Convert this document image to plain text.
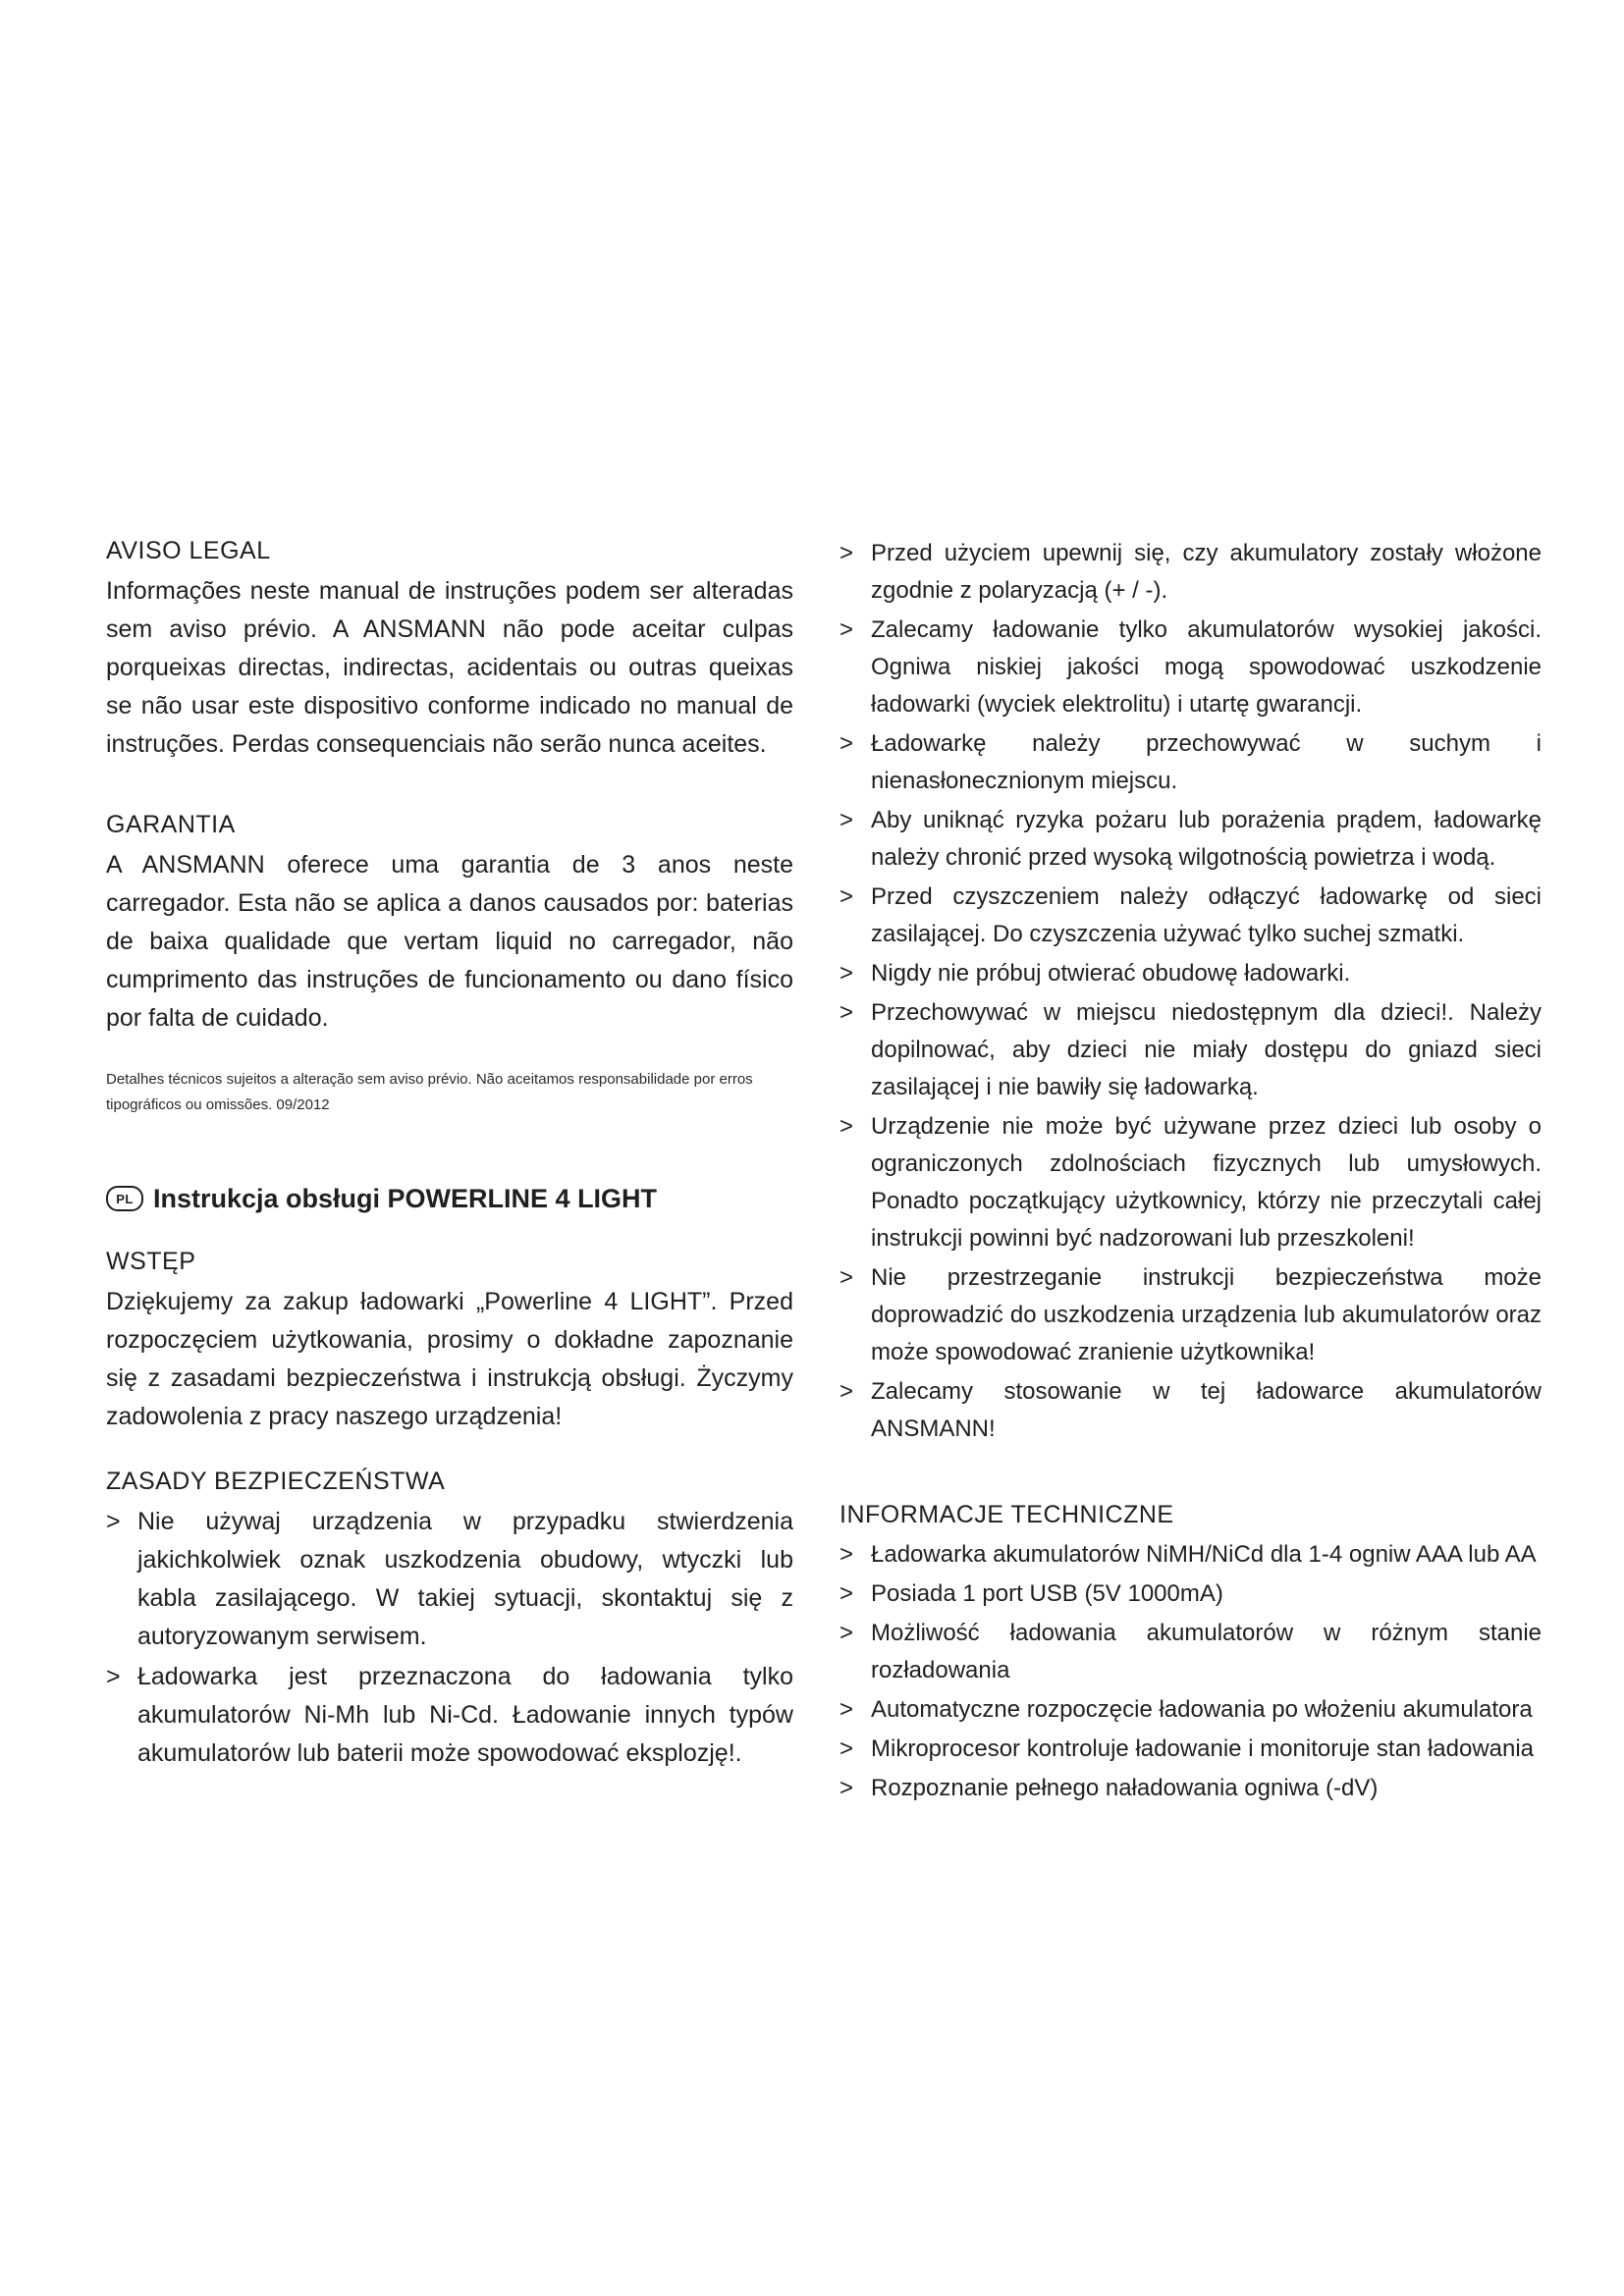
AVISO LEGAL

Informações neste manual de instruções podem ser alteradas sem aviso prévio. A ANSMANN não pode aceitar culpas porqueixas directas, indirectas, acidentais ou outras queixas se não usar este dispositivo conforme indicado no manual de instruções. Perdas consequenciais não serão nunca aceites.

GARANTIA

A ANSMANN oferece uma garantia de 3 anos neste carregador. Esta não se aplica a danos causados por: baterias de baixa qualidade que vertam liquid no carregador, não cumprimento das instruções de funcionamento ou dano físico por falta de cuidado.

Detalhes técnicos sujeitos a alteração sem aviso prévio. Não aceitamos responsabilidade por erros tipográficos ou omissões. 09/2012

PL Instrukcja obsługi POWERLINE 4 LIGHT
WSTĘP

Dziękujemy za zakup ładowarki „Powerline 4 LIGHT”. Przed rozpoczęciem użytkowania, prosimy o dokładne zapoznanie się z zasadami bezpieczeństwa i instrukcją obsługi. Życzymy zadowolenia z pracy naszego urządzenia!

ZASADY BEZPIECZEŃSTWA
> Nie używaj urządzenia w przypadku stwierdzenia jakichkolwiek oznak uszkodzenia obudowy, wtyczki lub kabla zasilającego. W takiej sytuacji, skontaktuj się z autoryzowanym serwisem.
> Ładowarka jest przeznaczona do ładowania tylko akumulatorów Ni-Mh lub Ni-Cd. Ładowanie innych typów akumulatorów lub baterii może spowodować eksplozję!.
> Przed użyciem upewnij się, czy akumulatory zostały włożone zgodnie z polaryzacją (+ / -).
> Zalecamy ładowanie tylko akumulatorów wysokiej jakości. Ogniwa niskiej jakości mogą spowodować uszkodzenie ładowarki (wyciek elektrolitu) i utartę gwarancji.
> Ładowarkę należy przechowywać w suchym i nienasłonecznionym miejscu.
> Aby uniknąć ryzyka pożaru lub porażenia prądem, ładowarkę należy chronić przed wysoką wilgotnością powietrza i wodą.
> Przed czyszczeniem należy odłączyć ładowarkę od sieci zasilającej. Do czyszczenia używać tylko suchej szmatki.
> Nigdy nie próbuj otwierać obudowę ładowarki.
> Przechowywać w miejscu niedostępnym dla dzieci!. Należy dopilnować, aby dzieci nie miały dostępu do gniazd sieci zasilającej i nie bawiły się ładowarką.
> Urządzenie nie może być używane przez dzieci lub osoby o ograniczonych zdolnościach fizycznych lub umysłowych. Ponadto początkujący użytkownicy, którzy nie przeczytali całej instrukcji powinni być nadzorowani lub przeszkoleni!
> Nie przestrzeganie instrukcji bezpieczeństwa może doprowadzić do uszkodzenia urządzenia lub akumulatorów oraz może spowodować zranienie użytkownika!
> Zalecamy stosowanie w tej ładowarce akumulatorów ANSMANN!
INFORMACJE TECHNICZNE
> Ładowarka akumulatorów NiMH/NiCd dla 1-4 ogniw AAA lub AA
> Posiada 1 port USB (5V 1000mA)
> Możliwość ładowania akumulatorów w różnym stanie rozładowania
> Automatyczne rozpoczęcie ładowania po włożeniu akumulatora
> Mikroprocesor kontroluje ładowanie i monitoruje stan ładowania
> Rozpoznanie pełnego naładowania ogniwa (-dV)
